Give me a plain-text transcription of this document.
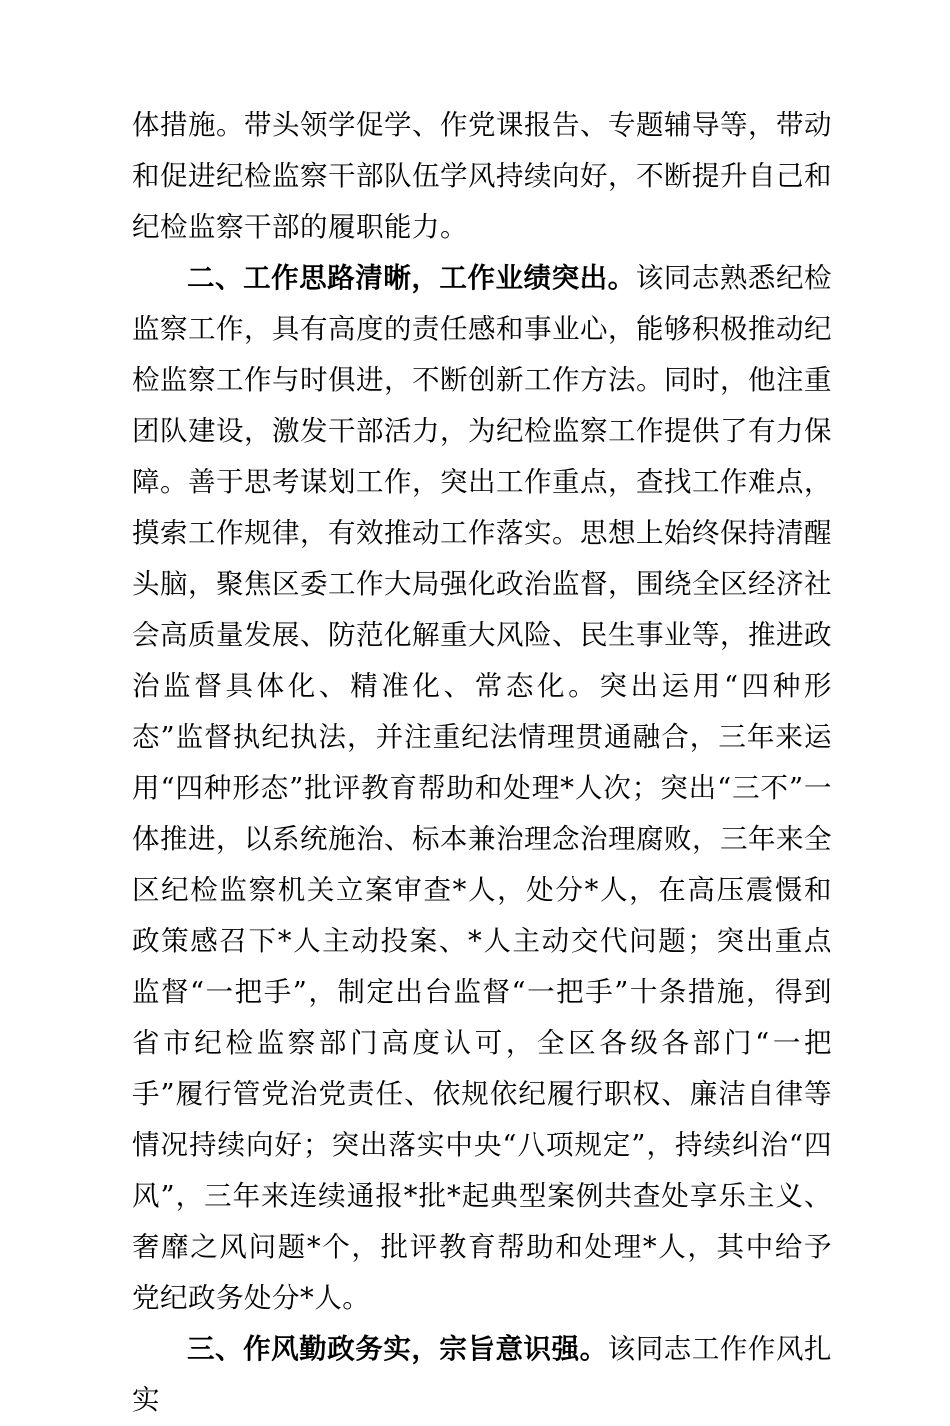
体措施。带头领学促学、作党课报告、专题辅导等，带动和促进纪检监察干部队伍学风持续向好，不断提升自己和纪检监察干部的履职能力。

二、工作思路清晰，工作业绩突出。该同志熟悉纪检监察工作，具有高度的责任感和事业心，能够积极推动纪检监察工作与时俱进，不断创新工作方法。同时，他注重团队建设，激发干部活力，为纪检监察工作提供了有力保障。善于思考谋划工作，突出工作重点，查找工作难点，摸索工作规律，有效推动工作落实。思想上始终保持清醒头脑，聚焦区委工作大局强化政治监督，围绕全区经济社会高质量发展、防范化解重大风险、民生事业等，推进政治监督具体化、精准化、常态化。突出运用“四种形态”监督执纪执法，并注重纪法情理贯通融合，三年来运用“四种形态”批评教育帮助和处理*人次；突出“三不”一体推进，以系统施治、标本兼治理念治理腐败，三年来全区纪检监察机关立案审查*人，处分*人，在高压震慑和政策感召下*人主动投案、*人主动交代问题；突出重点监督“一把手”，制定出台监督“一把手”十条措施，得到省市纪检监察部门高度认可，全区各级各部门“一把手”履行管党治党责任、依规依纪履行职权、廉洁自律等情况持续向好；突出落实中央“八项规定”，持续纠治“四风”，三年来连续通报*批*起典型案例共查处享乐主义、奢靡之风问题*个，批评教育帮助和处理*人，其中给予党纪政务处分*人。

三、作风勤政务实，宗旨意识强。该同志工作作风扎实
